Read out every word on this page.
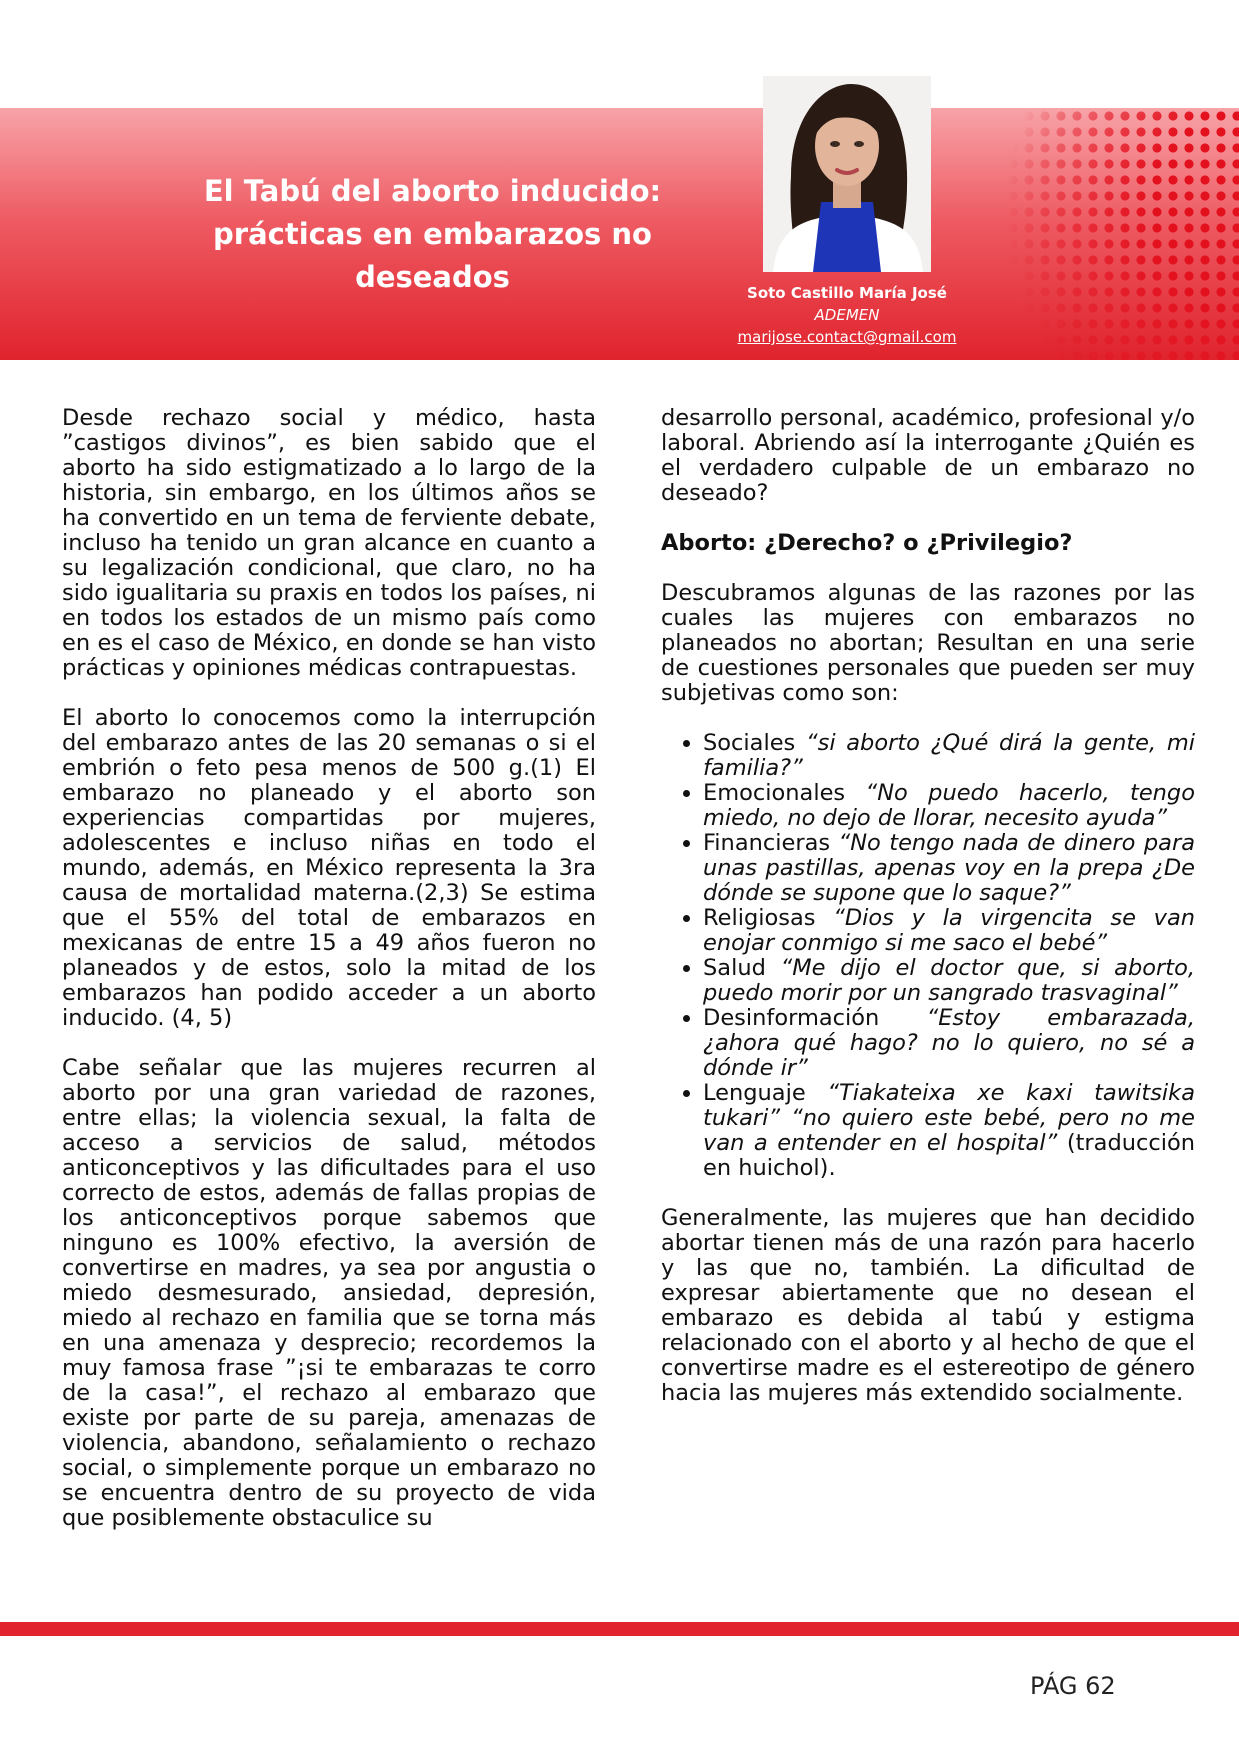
El Tabú del aborto inducido: prácticas en embarazos no deseados	Soto Castillo María José
ADEMEN
marijose.contact@gmail.com

Desde rechazo social y médico, hasta ”castigos divinos”, es bien sabido que el aborto ha sido estigmatizado a lo largo de la historia, sin embargo, en los últimos años se ha convertido en un tema de ferviente debate, incluso ha tenido un gran alcance en cuanto a su legalización condicional, que claro, no ha sido igualitaria su praxis en todos los países, ni en todos los estados de un mismo país como en es el caso de México, en donde se han visto prácticas y opiniones médicas contrapuestas.

El aborto lo conocemos como la interrupción del embarazo antes de las 20 semanas o si el embrión o feto pesa menos de 500 g.(1) El embarazo no planeado y el aborto son experiencias compartidas por mujeres, adolescentes e incluso niñas en todo el mundo, además, en México representa la 3ra causa de mortalidad materna.(2,3) Se estima que el 55% del total de embarazos en mexicanas de entre 15 a 49 años fueron no planeados y de estos, solo la mitad de los embarazos han podido acceder a un aborto inducido. (4, 5)

Cabe señalar que las mujeres recurren al aborto por una gran variedad de razones, entre ellas; la violencia sexual, la falta de acceso a servicios de salud, métodos anticonceptivos y las dificultades para el uso correcto de estos, además de fallas propias de los anticonceptivos porque sabemos que ninguno es 100% efectivo, la aversión de convertirse en madres, ya sea por angustia o miedo desmesurado, ansiedad, depresión, miedo al rechazo en familia que se torna más en una amenaza y desprecio; recordemos la muy famosa frase ”¡si te embarazas te corro de la casa!”, el rechazo al embarazo que existe por parte de su pareja, amenazas de violencia, abandono, señalamiento o rechazo social, o simplemente porque un embarazo no se encuentra dentro de su proyecto de vida que posiblemente obstaculice su

desarrollo personal, académico, profesional y/o laboral. Abriendo así la interrogante ¿Quién es el verdadero culpable de un embarazo no deseado?

Aborto: ¿Derecho? o ¿Privilegio?

Descubramos algunas de las razones por las cuales las mujeres con embarazos no planeados no abortan; Resultan en una serie de cuestiones personales que pueden ser muy subjetivas como son:

• Sociales “si aborto ¿Qué dirá la gente, mi familia?”
• Emocionales “No puedo hacerlo, tengo miedo, no dejo de llorar, necesito ayuda”
• Financieras “No tengo nada de dinero para unas pastillas, apenas voy en la prepa ¿De dónde se supone que lo saque?”
• Religiosas “Dios y la virgencita se van enojar conmigo si me saco el bebé”
• Salud “Me dijo el doctor que, si aborto, puedo morir por un sangrado trasvaginal”
• Desinformación “Estoy embarazada, ¿ahora qué hago? no lo quiero, no sé a dónde ir”
• Lenguaje “Tiakateixa xe kaxi tawitsika tukari” “no quiero este bebé, pero no me van a entender en el hospital” (traducción en huichol).

Generalmente, las mujeres que han decidido abortar tienen más de una razón para hacerlo y las que no, también. La dificultad de expresar abiertamente que no desean el embarazo es debida al tabú y estigma relacionado con el aborto y al hecho de que el convertirse madre es el estereotipo de género hacia las mujeres más extendido socialmente.

PÁG 62
